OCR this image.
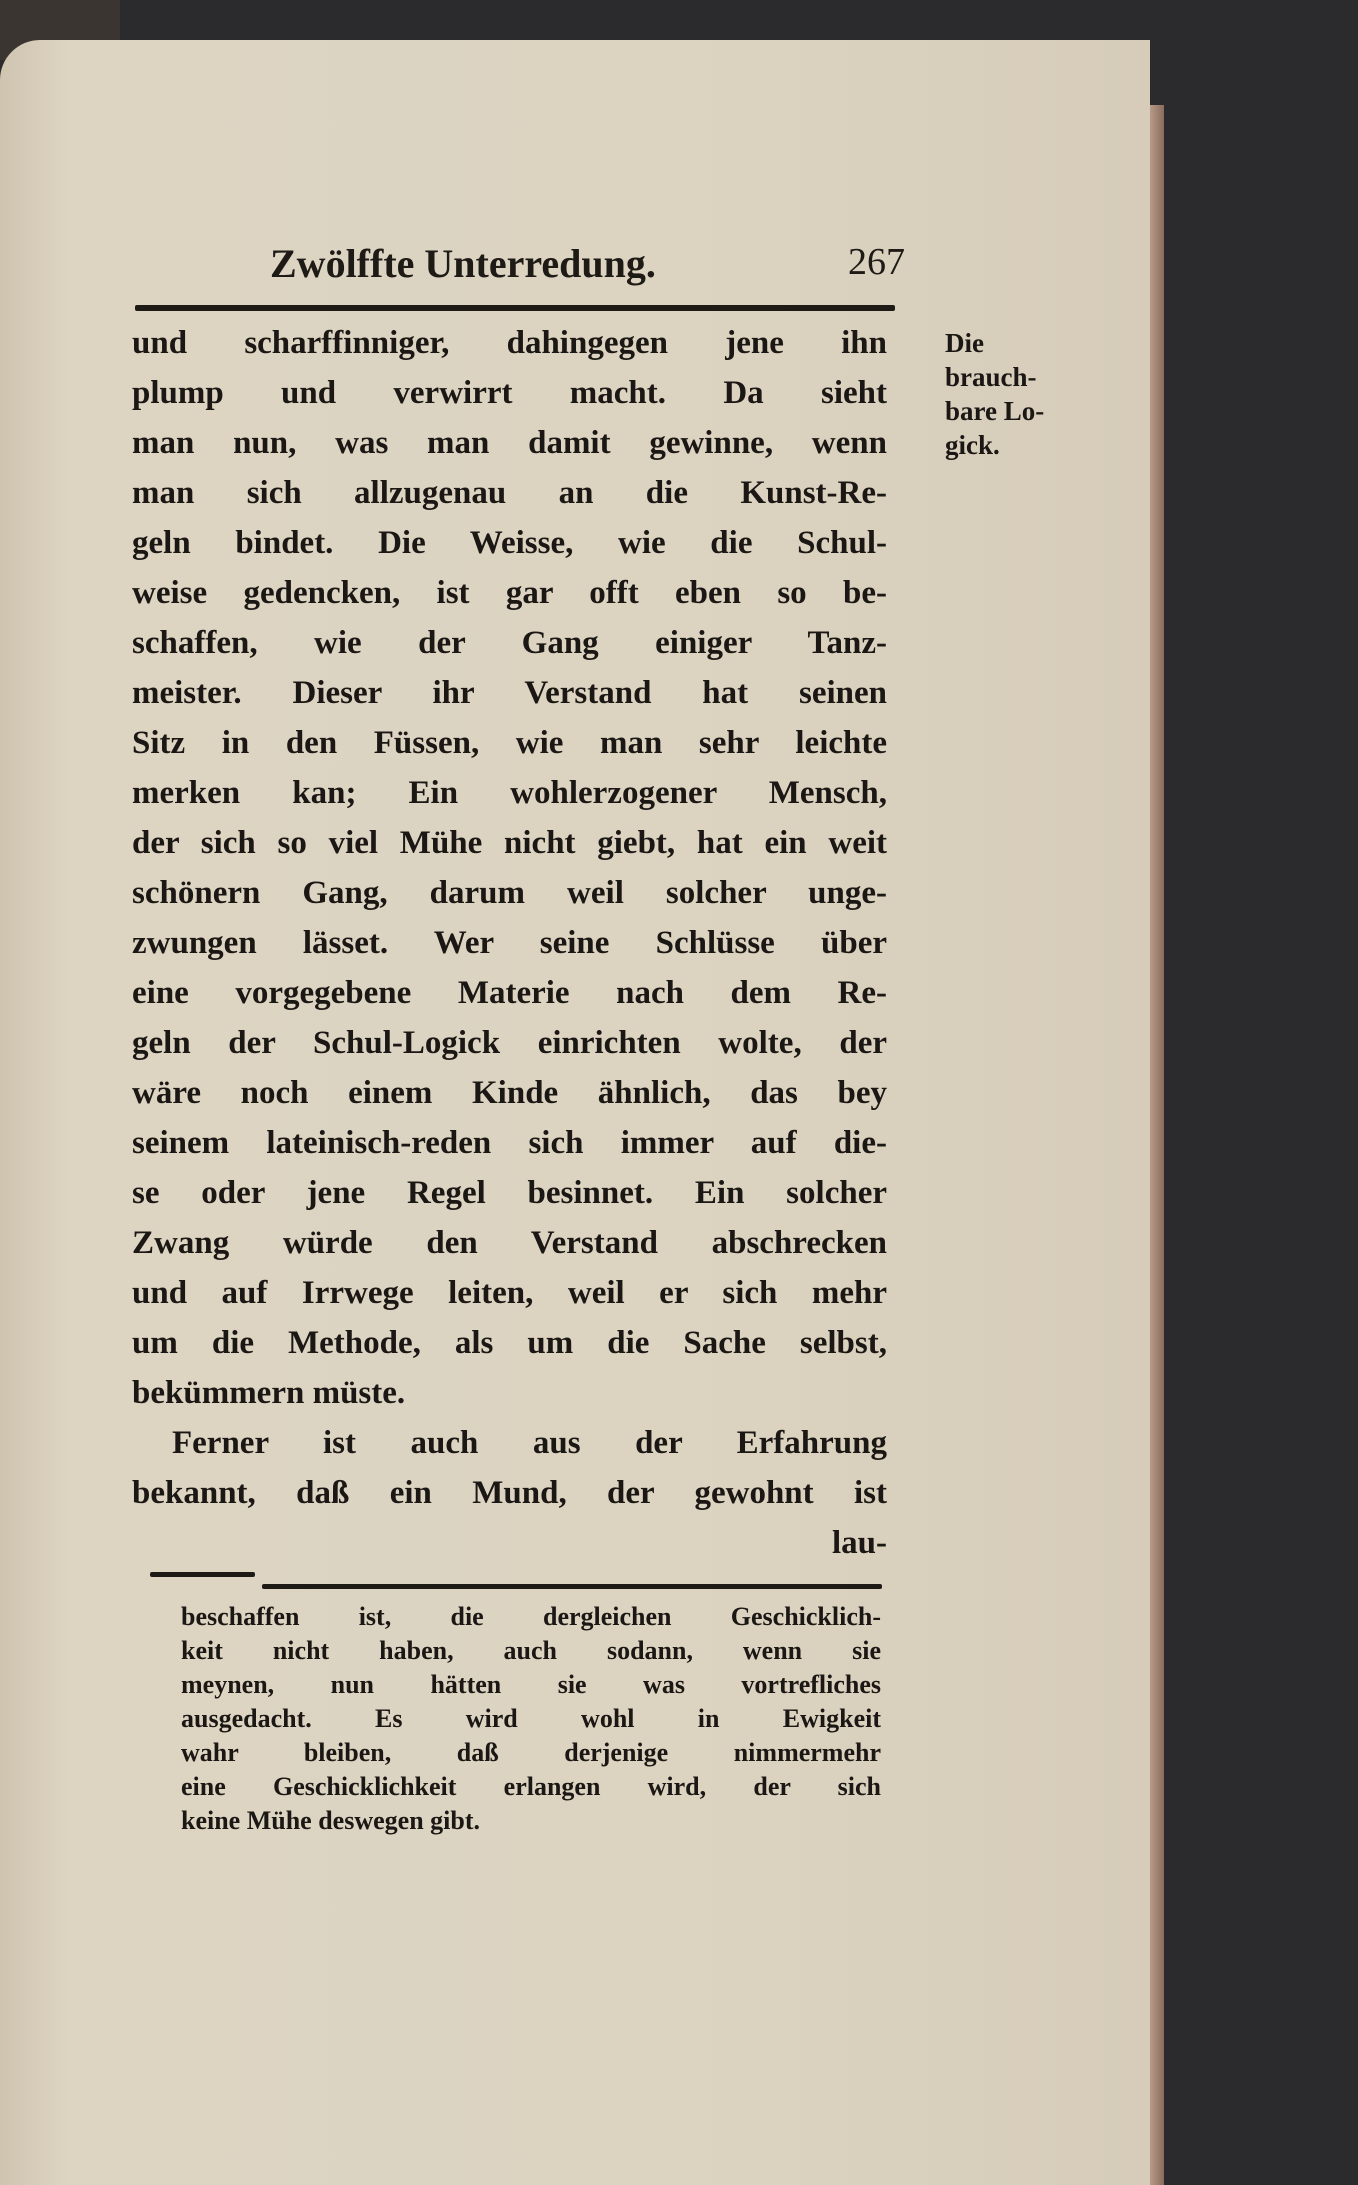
Zwölffte Unterredung.	267
und scharffinniger, dahingegen jene ihn
plump und verwirrt macht. Da sieht
man nun, was man damit gewinne, wenn
man sich allzugenau an die Kunst-Re-
geln bindet. Die Weisse, wie die Schul-
weise gedencken, ist gar offt eben so be-
schaffen, wie der Gang einiger Tanz-
meister. Dieser ihr Verstand hat seinen
Sitz in den Füssen, wie man sehr leichte
merken kan; Ein wohlerzogener Mensch,
der sich so viel Mühe nicht giebt, hat ein weit
schönern Gang, darum weil solcher unge-
zwungen lässet. Wer seine Schlüsse über
eine vorgegebene Materie nach dem Re-
geln der Schul-Logick einrichten wolte, der
wäre noch einem Kinde ähnlich, das bey
seinem lateinisch-reden sich immer auf die-
se oder jene Regel besinnet. Ein solcher
Zwang würde den Verstand abschrecken
und auf Irrwege leiten, weil er sich mehr
um die Methode, als um die Sache selbst,
bekümmern müste.
Ferner ist auch aus der Erfahrung
bekannt, daß ein Mund, der gewohnt ist
lau-
Die
brauch-
bare Lo-
gick.
beschaffen ist, die dergleichen Geschicklich-
keit nicht haben, auch sodann, wenn sie
meynen, nun hätten sie was vortrefliches
ausgedacht. Es wird wohl in Ewigkeit
wahr bleiben, daß derjenige nimmermehr
eine Geschicklichkeit erlangen wird, der sich
keine Mühe deswegen gibt.
